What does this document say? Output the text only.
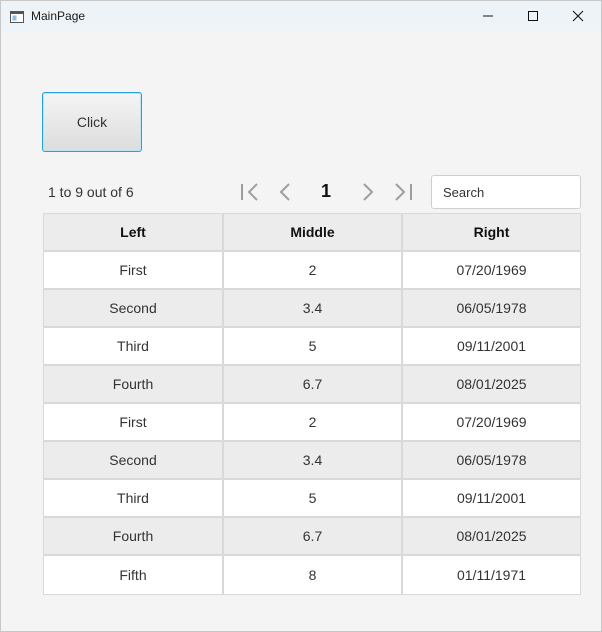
MainPage
Click
1 to 9 out of 6	1
Search
Left	Middle	Right
First	2	07/20/1969
Second	3.4	06/05/1978
Third	5	09/11/2001
Fourth	6.7	08/01/2025
First	2	07/20/1969
Second	3.4	06/05/1978
Third	5	09/11/2001
Fourth	6.7	08/01/2025
Fifth	8	01/11/1971
